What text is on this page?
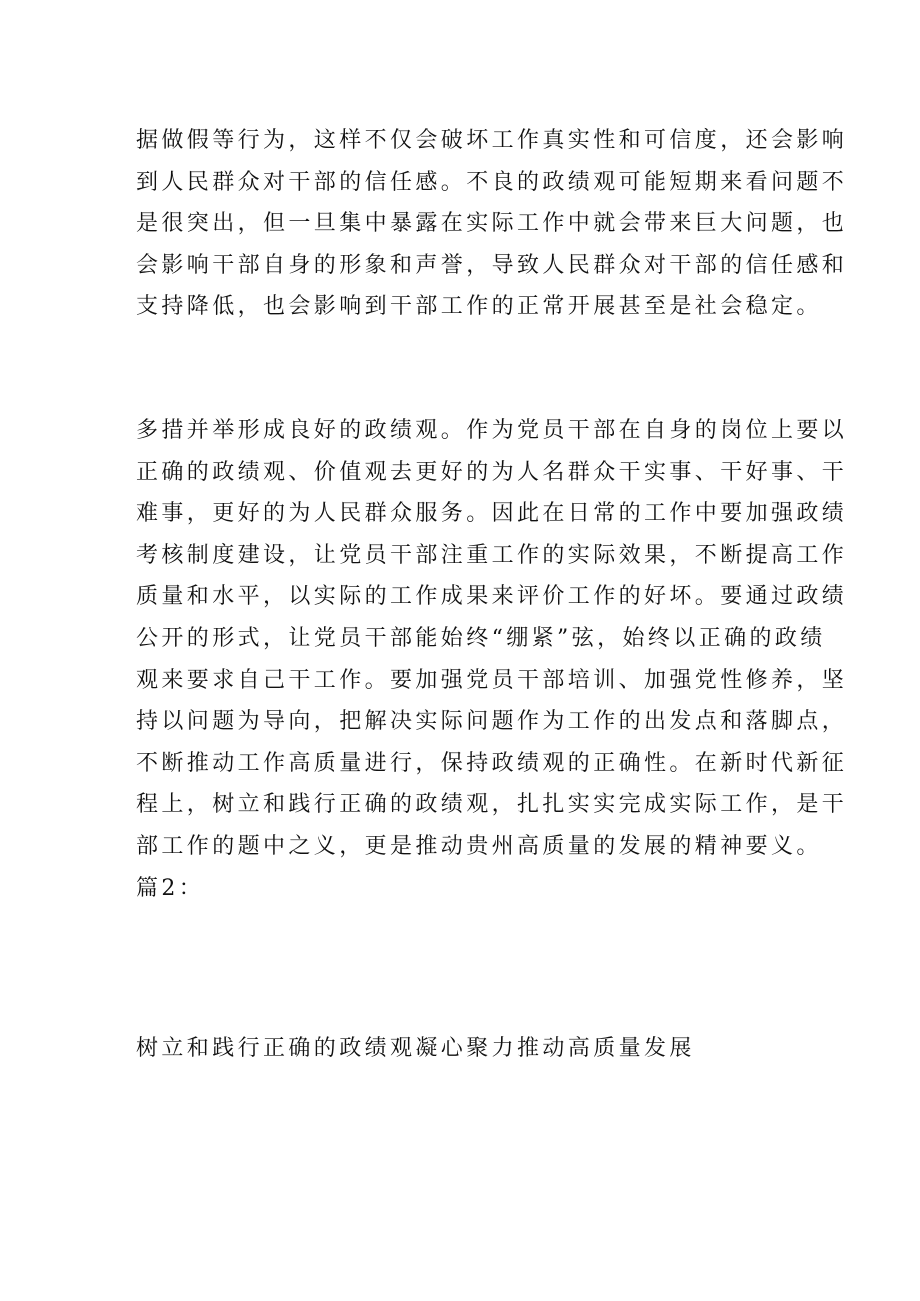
据做假等行为，这样不仅会破坏工作真实性和可信度，还会影响
到人民群众对干部的信任感。不良的政绩观可能短期来看问题不
是很突出，但一旦集中暴露在实际工作中就会带来巨大问题，也
会影响干部自身的形象和声誉，导致人民群众对干部的信任感和
支持降低，也会影响到干部工作的正常开展甚至是社会稳定。
多措并举形成良好的政绩观。作为党员干部在自身的岗位上要以
正确的政绩观、价值观去更好的为人名群众干实事、干好事、干
难事，更好的为人民群众服务。因此在日常的工作中要加强政绩
考核制度建设，让党员干部注重工作的实际效果，不断提高工作
质量和水平，以实际的工作成果来评价工作的好坏。要通过政绩
公开的形式，让党员干部能始终“绷紧”弦，始终以正确的政绩
观来要求自己干工作。要加强党员干部培训、加强党性修养，坚
持以问题为导向，把解决实际问题作为工作的出发点和落脚点，
不断推动工作高质量进行，保持政绩观的正确性。在新时代新征
程上，树立和践行正确的政绩观，扎扎实实完成实际工作，是干
部工作的题中之义，更是推动贵州高质量的发展的精神要义。
篇2：
树立和践行正确的政绩观凝心聚力推动高质量发展
